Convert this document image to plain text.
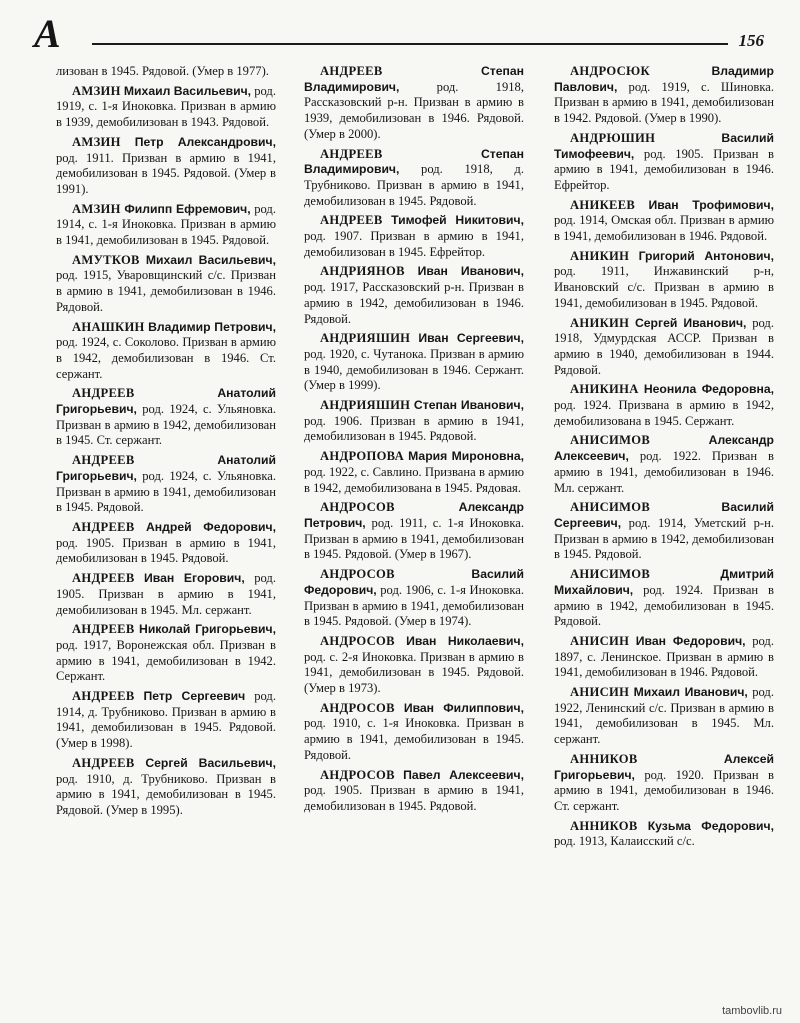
А	156

лизован в 1945. Рядовой. (Умер в 1977).

АМЗИН Михаил Васильевич, род. 1919, с. 1-я Иноковка. Призван в армию в 1939, демобилизован в 1943. Рядовой.

АМЗИН Петр Александрович, род. 1911. Призван в армию в 1941, демобилизован в 1945. Рядовой. (Умер в 1991).

АМЗИН Филипп Ефремович, род. 1914, с. 1-я Иноковка. Призван в армию в 1941, демобилизован в 1945. Рядовой.

АМУТКОВ Михаил Васильевич, род. 1915, Уваровщинский с/с. Призван в армию в 1941, демобилизован в 1946. Рядовой.

АНАШКИН Владимир Петрович, род. 1924, с. Соколово. Призван в армию в 1942, демобилизован в 1946. Ст. сержант.

АНДРЕЕВ	Анатолий Григорьевич, род. 1924, с. Ульяновка. Призван в армию в 1942, демобилизован в 1945. Ст. сержант.

АНДРЕЕВ	Анатолий Григорьевич, род. 1924, с. Ульяновка. Призван в армию в 1941, демобилизован в 1945. Рядовой.

АНДРЕЕВ Андрей Федорович, род. 1905. Призван в армию в 1941, демобилизован в 1945. Рядовой.

АНДРЕЕВ Иван Егорович, род. 1905. Призван в армию в 1941, демобилизован в 1945. Мл. сержант.

АНДРЕЕВ Николай Григорьевич, род. 1917, Воронежская обл. Призван в армию в 1941, демобилизован в 1942. Сержант.

АНДРЕЕВ Петр Сергеевич род. 1914, д. Трубниково. Призван в армию в 1941, демобилизован в 1945. Рядовой. (Умер в 1998).

АНДРЕЕВ Сергей Васильевич, род. 1910, д. Трубниково. Призван в армию в 1941, демобилизован в 1945. Рядовой. (Умер в 1995).

АНДРЕЕВ	Степан Владимирович,	род. 1918, Рассказовский р-н. Призван в армию в 1939, демобилизован в 1946. Рядовой. (Умер в 2000).

АНДРЕЕВ	Степан Владимирович, род. 1918, д. Трубниково. Призван в армию в 1941, демобилизован в 1945. Рядовой.

АНДРЕЕВ Тимофей Никитович, род. 1907. Призван в армию в 1941, демобилизован в 1945. Ефрейтор.

АНДРИЯНОВ Иван Иванович, род. 1917, Рассказовский р-н. Призван в армию в 1942, демобилизован в 1946. Рядовой.

АНДРИЯШИН Иван Сергеевич, род. 1920, с. Чутанока. Призван в армию в 1940, демобилизован в 1946. Сержант. (Умер в 1999).

АНДРИЯШИН Степан Иванович, род. 1906. Призван в армию в 1941, демобилизован в 1945. Рядовой.

АНДРОПОВА Мария Мироновна, род. 1922, с. Савлино. Призвана в армию в 1942, демобилизована в 1945. Рядовая.

АНДРОСОВ	Александр Петрович, род. 1911, с. 1-я Иноковка. Призван в армию в 1941, демобилизован в 1945. Рядовой. (Умер в 1967).

АНДРОСОВ	Василий Федорович, род. 1906, с. 1-я Иноковка. Призван в армию в 1941, демобилизован в 1945. Рядовой. (Умер в 1974).

АНДРОСОВ Иван Николаевич, род. с. 2-я Иноковка. Призван в армию в 1941, демобилизован в 1945. Рядовой. (Умер в 1973).

АНДРОСОВ Иван Филиппович, род. 1910, с. 1-я Иноковка. Призван в армию в 1941, демобилизован в 1945. Рядовой.

АНДРОСОВ Павел Алексеевич, род. 1905. Призван в армию в 1941, демобилизован в 1945. Рядовой.

АНДРОСЮК	Владимир Павлович, род. 1919, с. Шиновка. Призван в армию в 1941, демобилизован в 1942. Рядовой. (Умер в 1990).

АНДРЮШИН	Василий Тимофеевич, род. 1905. Призван в армию в 1941, демобилизован в 1946. Ефрейтор.

АНИКЕЕВ Иван Трофимович, род. 1914, Омская обл. Призван в армию в 1941, демобилизован в 1946. Рядовой.

АНИКИН Григорий Антонович, род. 1911, Инжавинский р-н, Ивановский с/с. Призван в армию в 1941, демобилизован в 1945. Рядовой.

АНИКИН Сергей Иванович, род. 1918, Удмурдская АССР. Призван в армию в 1940, демобилизован в 1944. Рядовой.

АНИКИНА Неонила Федоровна, род. 1924. Призвана в армию в 1942, демобилизована в 1945. Сержант.

АНИСИМОВ	Александр Алексеевич, род. 1922. Призван в армию в 1941, демобилизован в 1946. Мл. сержант.

АНИСИМОВ	Василий Сергеевич, род. 1914, Уметский р-н. Призван в армию в 1942, демобилизован в 1945. Рядовой.

АНИСИМОВ	Дмитрий Михайлович, род. 1924. Призван в армию в 1942, демобилизован в 1945. Рядовой.

АНИСИН Иван Федорович, род. 1897, с. Ленинское. Призван в армию в 1941, демобилизован в 1946. Рядовой.

АНИСИН Михаил Иванович, род. 1922, Ленинский с/с. Призван в армию в 1941, демобилизован в 1945. Мл. сержант.

АННИКОВ	Алексей Григорьевич, род. 1920. Призван в армию в 1941, демобилизован в 1946. Ст. сержант.

АННИКОВ Кузьма Федорович, род. 1913, Калаисский с/с.

tambovlib.ru
